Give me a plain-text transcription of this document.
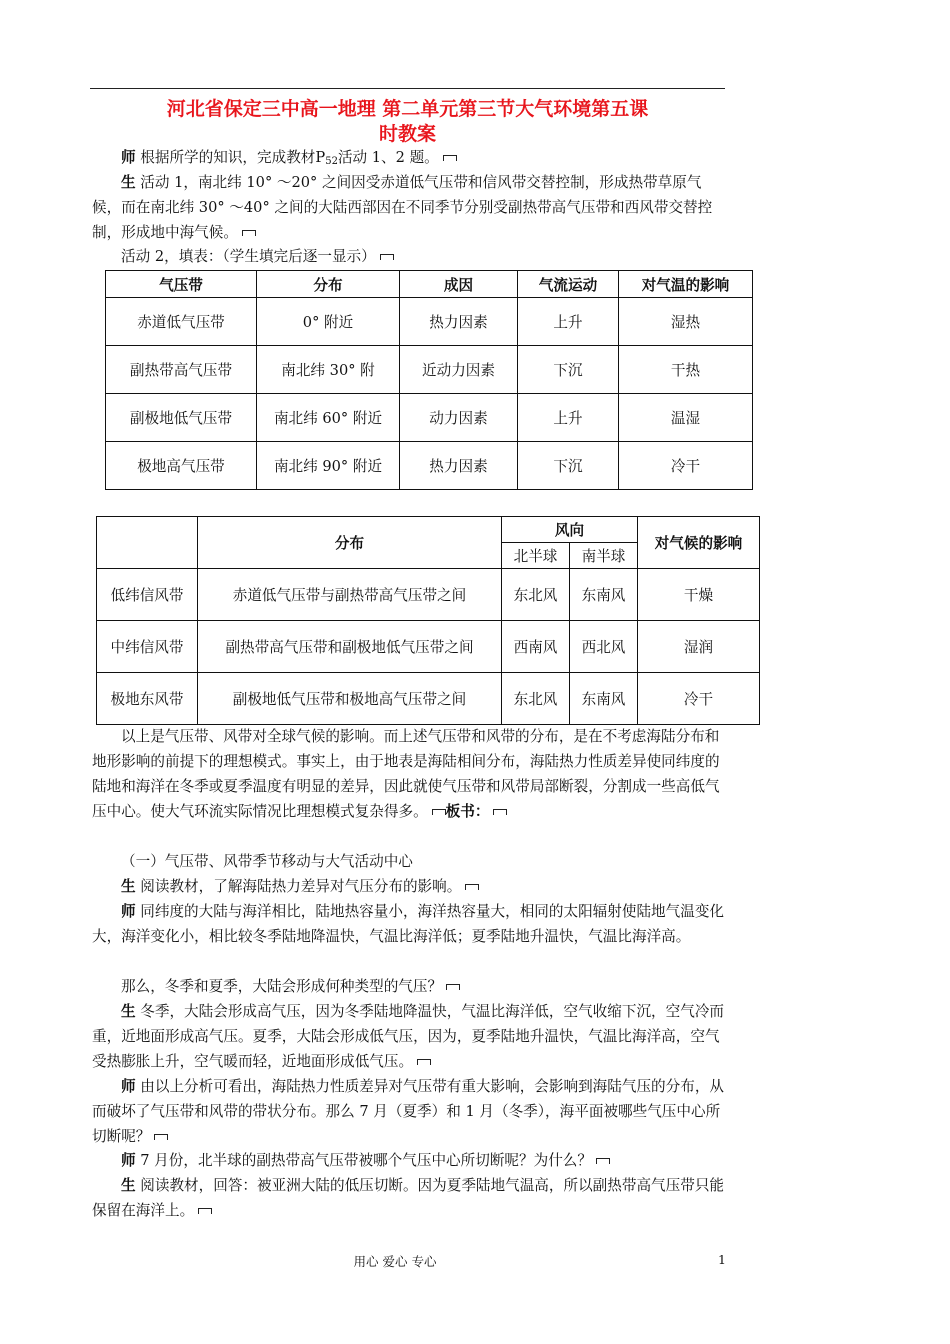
河北省保定三中高一地理 第二单元第三节大气环境第五课
时教案
师 根据所学的知识，完成教材$P_{52}$活动 1、2 题。
生 活动 1，南北纬 10° ～20° 之间因受赤道低气压带和信风带交替控制，形成热带草原气候，而在南北纬 30° ～40° 之间的大陆西部因在不同季节分别受副热带高气压带和西风带交替控制，形成地中海气候。
活动 2，填表：（学生填完后逐一显示）
气压带	分布	成因	气流运动	对气温的影响
赤道低气压带	0° 附近	热力因素	上升	湿热
副热带高气压带	南北纬 30° 附	近动力因素	下沉	干热
副极地低气压带	南北纬 60° 附近	动力因素	上升	温湿
极地高气压带	南北纬 90° 附近	热力因素	下沉	冷干
	分布	风向		对气候的影响
		北半球	南半球	
低纬信风带	赤道低气压带与副热带高气压带之间	东北风	东南风	干燥
中纬信风带	副热带高气压带和副极地低气压带之间	西南风	西北风	湿润
极地东风带	副极地低气压带和极地高气压带之间	东北风	东南风	冷干
以上是气压带、风带对全球气候的影响。而上述气压带和风带的分布，是在不考虑海陆分布和地形影响的前提下的理想模式。事实上，由于地表是海陆相间分布，海陆热力性质差异使同纬度的陆地和海洋在冬季或夏季温度有明显的差异，因此就使气压带和风带局部断裂，分割成一些高低气压中心。使大气环流实际情况比理想模式复杂得多。 板书：
（一）气压带、风带季节移动与大气活动中心
生 阅读教材，了解海陆热力差异对气压分布的影响。
师 同纬度的大陆与海洋相比，陆地热容量小，海洋热容量大，相同的太阳辐射使陆地气温变化大，海洋变化小，相比较冬季陆地降温快，气温比海洋低；夏季陆地升温快，气温比海洋高。
那么，冬季和夏季，大陆会形成何种类型的气压？
生 冬季，大陆会形成高气压，因为冬季陆地降温快，气温比海洋低，空气收缩下沉，空气冷而重，近地面形成高气压。夏季，大陆会形成低气压，因为，夏季陆地升温快，气温比海洋高，空气受热膨胀上升，空气暖而轻，近地面形成低气压。
师 由以上分析可看出，海陆热力性质差异对气压带有重大影响，会影响到海陆气压的分布，从而破坏了气压带和风带的带状分布。那么 7 月（夏季）和 1 月（冬季），海平面被哪些气压中心所切断呢？
师 7 月份，北半球的副热带高气压带被哪个气压中心所切断呢？为什么？
生 阅读教材，回答：被亚洲大陆的低压切断。因为夏季陆地气温高，所以副热带高气压带只能保留在海洋上。
用心 爱心 专心	1
